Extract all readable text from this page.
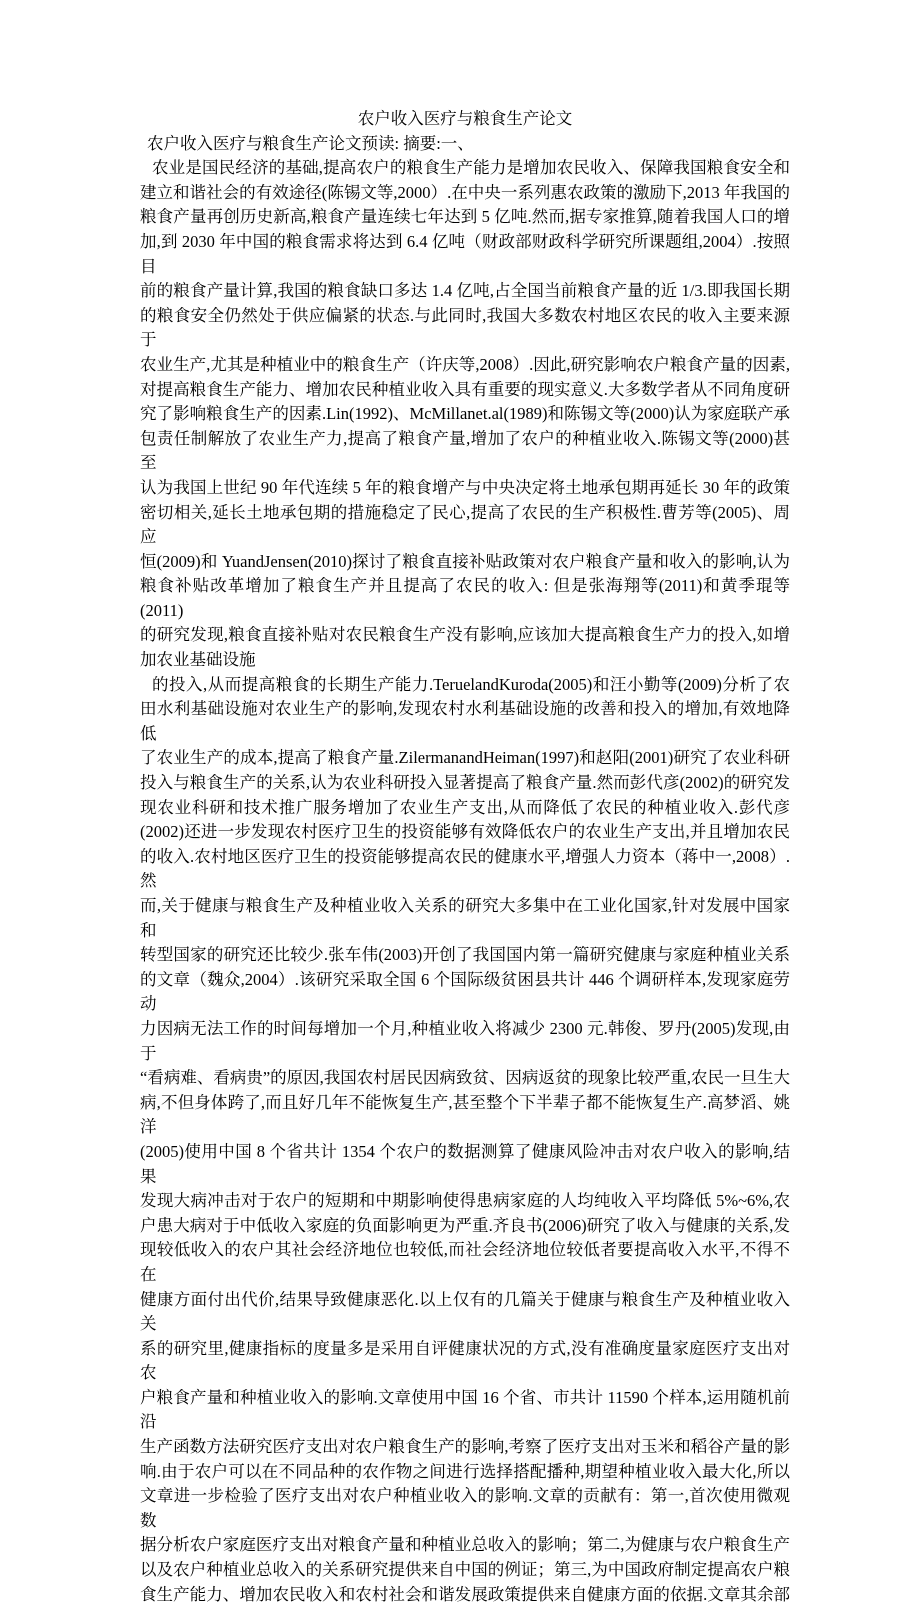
农户收入医疗与粮食生产论文
农户收入医疗与粮食生产论文预读: 摘要:一、
农业是国民经济的基础,提高农户的粮食生产能力是增加农民收入、保障我国粮食安全和
建立和谐社会的有效途径(陈锡文等,2000）.在中央一系列惠农政策的激励下,2013 年我国的
粮食产量再创历史新高,粮食产量连续七年达到 5 亿吨.然而,据专家推算,随着我国人口的增
加,到 2030 年中国的粮食需求将达到 6.4 亿吨（财政部财政科学研究所课题组,2004）.按照目
前的粮食产量计算,我国的粮食缺口多达 1.4 亿吨,占全国当前粮食产量的近 1/3.即我国长期
的粮食安全仍然处于供应偏紧的状态.与此同时,我国大多数农村地区农民的收入主要来源于
农业生产,尤其是种植业中的粮食生产（许庆等,2008）.因此,研究影响农户粮食产量的因素,
对提高粮食生产能力、增加农民种植业收入具有重要的现实意义.大多数学者从不同角度研
究了影响粮食生产的因素.Lin(1992)、McMillanet.al(1989)和陈锡文等(2000)认为家庭联产承
包责任制解放了农业生产力,提高了粮食产量,增加了农户的种植业收入.陈锡文等(2000)甚至
认为我国上世纪 90 年代连续 5 年的粮食增产与中央决定将土地承包期再延长 30 年的政策
密切相关,延长土地承包期的措施稳定了民心,提高了农民的生产积极性.曹芳等(2005)、周应
恒(2009)和 YuandJensen(2010)探讨了粮食直接补贴政策对农户粮食产量和收入的影响,认为
粮食补贴改革增加了粮食生产并且提高了农民的收入: 但是张海翔等(2011)和黄季琨等(2011)
的研究发现,粮食直接补贴对农民粮食生产没有影响,应该加大提高粮食生产力的投入,如增
加农业基础设施
的投入,从而提高粮食的长期生产能力.TeruelandKuroda(2005)和汪小勤等(2009)分析了农
田水利基础设施对农业生产的影响,发现农村水利基础设施的改善和投入的增加,有效地降低
了农业生产的成本,提高了粮食产量.ZilermanandHeiman(1997)和赵阳(2001)研究了农业科研
投入与粮食生产的关系,认为农业科研投入显著提高了粮食产量.然而彭代彦(2002)的研究发
现农业科研和技术推广服务增加了农业生产支出,从而降低了农民的种植业收入.彭代彦
(2002)还进一步发现农村医疗卫生的投资能够有效降低农户的农业生产支出,并且增加农民
的收入.农村地区医疗卫生的投资能够提高农民的健康水平,增强人力资本（蒋中一,2008）.然
而,关于健康与粮食生产及种植业收入关系的研究大多集中在工业化国家,针对发展中国家和
转型国家的研究还比较少.张车伟(2003)开创了我国国内第一篇研究健康与家庭种植业关系
的文章（魏众,2004）.该研究采取全国 6 个国际级贫困县共计 446 个调研样本,发现家庭劳动
力因病无法工作的时间每增加一个月,种植业收入将减少 2300 元.韩俊、罗丹(2005)发现,由于
“看病难、看病贵”的原因,我国农村居民因病致贫、因病返贫的现象比较严重,农民一旦生大
病,不但身体跨了,而且好几年不能恢复生产,甚至整个下半辈子都不能恢复生产.高梦滔、姚洋
(2005)使用中国 8 个省共计 1354 个农户的数据测算了健康风险冲击对农户收入的影响,结果
发现大病冲击对于农户的短期和中期影响使得患病家庭的人均纯收入平均降低 5%~6%,农
户患大病对于中低收入家庭的负面影响更为严重.齐良书(2006)研究了收入与健康的关系,发
现较低收入的农户其社会经济地位也较低,而社会经济地位较低者要提高收入水平,不得不在
健康方面付出代价,结果导致健康恶化.以上仅有的几篇关于健康与粮食生产及种植业收入关
系的研究里,健康指标的度量多是采用自评健康状况的方式,没有准确度量家庭医疗支出对农
户粮食产量和种植业收入的影响.文章使用中国 16 个省、市共计 11590 个样本,运用随机前沿
生产函数方法研究医疗支出对农户粮食生产的影响,考察了医疗支出对玉米和稻谷产量的影
响.由于农户可以在不同品种的农作物之间进行选择搭配播种,期望种植业收入最大化,所以
文章进一步检验了医疗支出对农户种植业收入的影响.文章的贡献有：第一,首次使用微观数
据分析农户家庭医疗支出对粮食产量和种植业总收入的影响；第二,为健康与农户粮食生产
以及农户种植业总收入的关系研究提供来自中国的例证；第三,为中国政府制定提高农户粮
食生产能力、增加农民收入和农村社会和谐发展政策提供来自健康方面的依据.文章其余部
